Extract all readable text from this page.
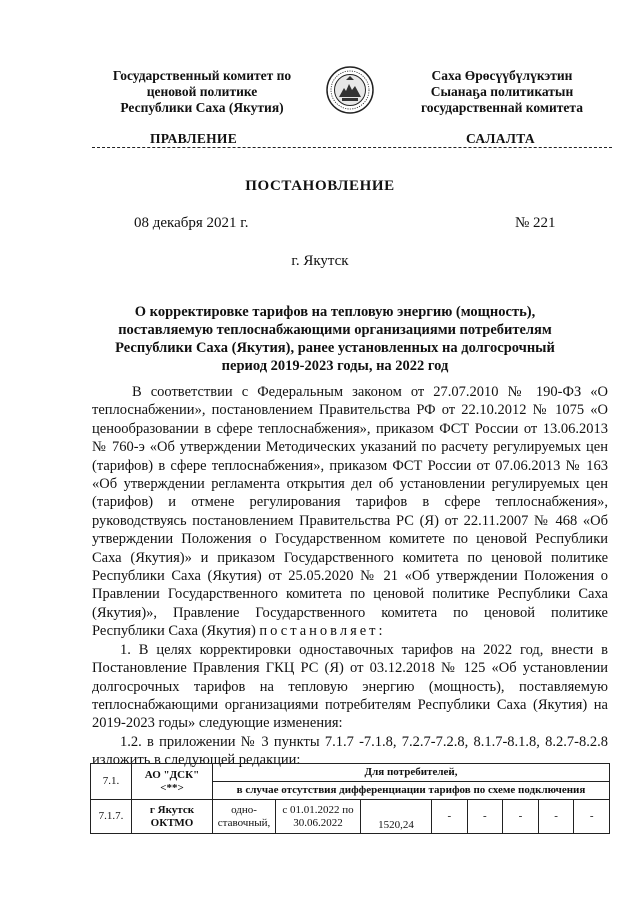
Государственный комитет по
ценовой политике
Республики Саха (Якутия)
Саха Өрөсүүбүлүкэтин
Сыанаҕа политикатын
государственнай комитета
ПРАВЛЕНИЕ	САЛАЛТА
ПОСТАНОВЛЕНИЕ
08 декабря 2021 г.	№ 221
г. Якутск
О корректировке тарифов на тепловую энергию (мощность),
поставляемую теплоснабжающими организациями потребителям
Республики Саха (Якутия), ранее установленных на долгосрочный
период 2019-2023 годы, на 2022 год

В соответствии с Федеральным законом от 27.07.2010 № 190-ФЗ «О теплоснабжении», постановлением Правительства РФ от 22.10.2012 № 1075 «О ценообразовании в сфере теплоснабжения», приказом ФСТ России от 13.06.2013 № 760-э «Об утверждении Методических указаний по расчету регулируемых цен (тарифов) в сфере теплоснабжения», приказом ФСТ России от 07.06.2013 № 163 «Об утверждении регламента открытия дел об установлении регулируемых цен (тарифов) и отмене регулирования тарифов в сфере теплоснабжения», руководствуясь постановлением Правительства РС (Я) от 22.11.2007 № 468 «Об утверждении Положения о Государственном комитете по ценовой Республики Саха (Якутия)» и приказом Государственного комитета по ценовой политике Республики Саха (Якутия) от 25.05.2020 № 21 «Об утверждении Положения о Правлении Государственного комитета по ценовой политике Республики Саха (Якутия)», Правление Государственного комитета по ценовой политике Республики Саха (Якутия) постановляет:

1. В целях корректировки одноставочных тарифов на 2022 год, внести в Постановление Правления ГКЦ РС (Я) от 03.12.2018 № 125 «Об установлении долгосрочных тарифов на тепловую энергию (мощность), поставляемую теплоснабжающими организациями потребителям Республики Саха (Якутия) на 2019-2023 годы» следующие изменения:

1.2. в приложении № 3 пункты 7.1.7 -7.1.8, 7.2.7-7.2.8, 8.1.7-8.1.8, 8.2.7-8.2.8 изложить в следующей редакции:

7.1.	АО "ДСК" <**>	Для потребителей,
в случае отсутствия дифференциации тарифов по схеме подключения							

7.1.7.	г Якутск ОКТМО	одно-ставочный,	с 01.01.2022 по 30.06.2022	1520,24	-	-	-	-	-
